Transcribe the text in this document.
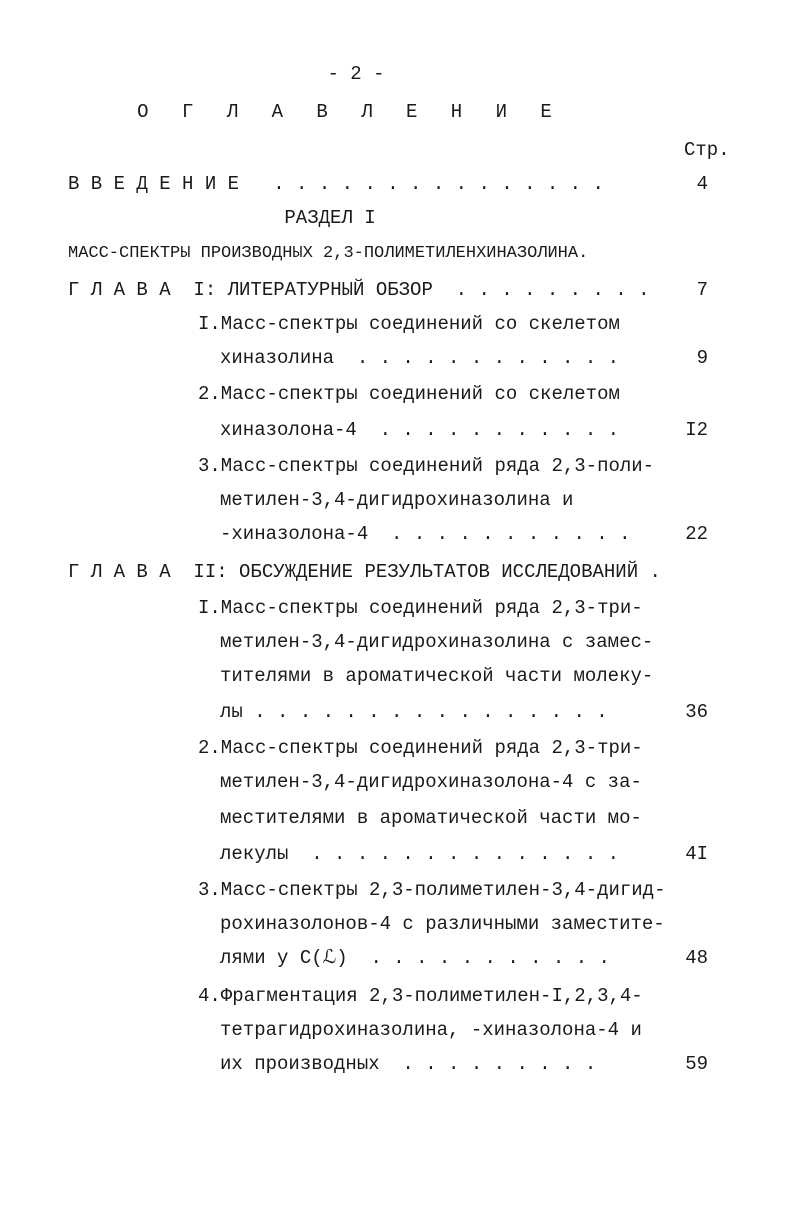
- 2 -
О Г Л А В Л Е Н И Е
Стр.
В В Е Д Е Н И Е   . . . . . . . . . . . . . . .	4
РАЗДЕЛ I
МАСС-СПЕКТРЫ ПРОИЗВОДНЫХ 2,3-ПОЛИМЕТИЛЕНХИНАЗОЛИНА.
Г Л А В А  I: ЛИТЕРАТУРНЫЙ ОБЗОР  . . . . . . . . .	7
I.Масс-спектры соединений со скелетом
хиназолина  . . . . . . . . . . . .	9
2.Масс-спектры соединений со скелетом
хиназолона-4  . . . . . . . . . . .	I2
3.Масс-спектры соединений ряда 2,3-поли-
метилен-3,4-дигидрохиназолина и
-хиназолона-4  . . . . . . . . . . .	22
Г Л А В А  II: ОБСУЖДЕНИЕ РЕЗУЛЬТАТОВ ИССЛЕДОВАНИЙ .
I.Масс-спектры соединений ряда 2,3-три-
метилен-3,4-дигидрохиназолина с замес-
тителями в ароматической части молеку-
лы . . . . . . . . . . . . . . . .	36
2.Масс-спектры соединений ряда 2,3-три-
метилен-3,4-дигидрохиназолона-4 с за-
местителями в ароматической части мо-
лекулы  . . . . . . . . . . . . . .	4I
3.Масс-спектры 2,3-полиметилен-3,4-дигид-
рохиназолонов-4 с различными заместите-
лями у C(ℒ)  . . . . . . . . . . .	48
4.Фрагментация 2,3-полиметилен-I,2,3,4-
тетрагидрохиназолина, -хиназолона-4 и
их производных  . . . . . . . . .	59
